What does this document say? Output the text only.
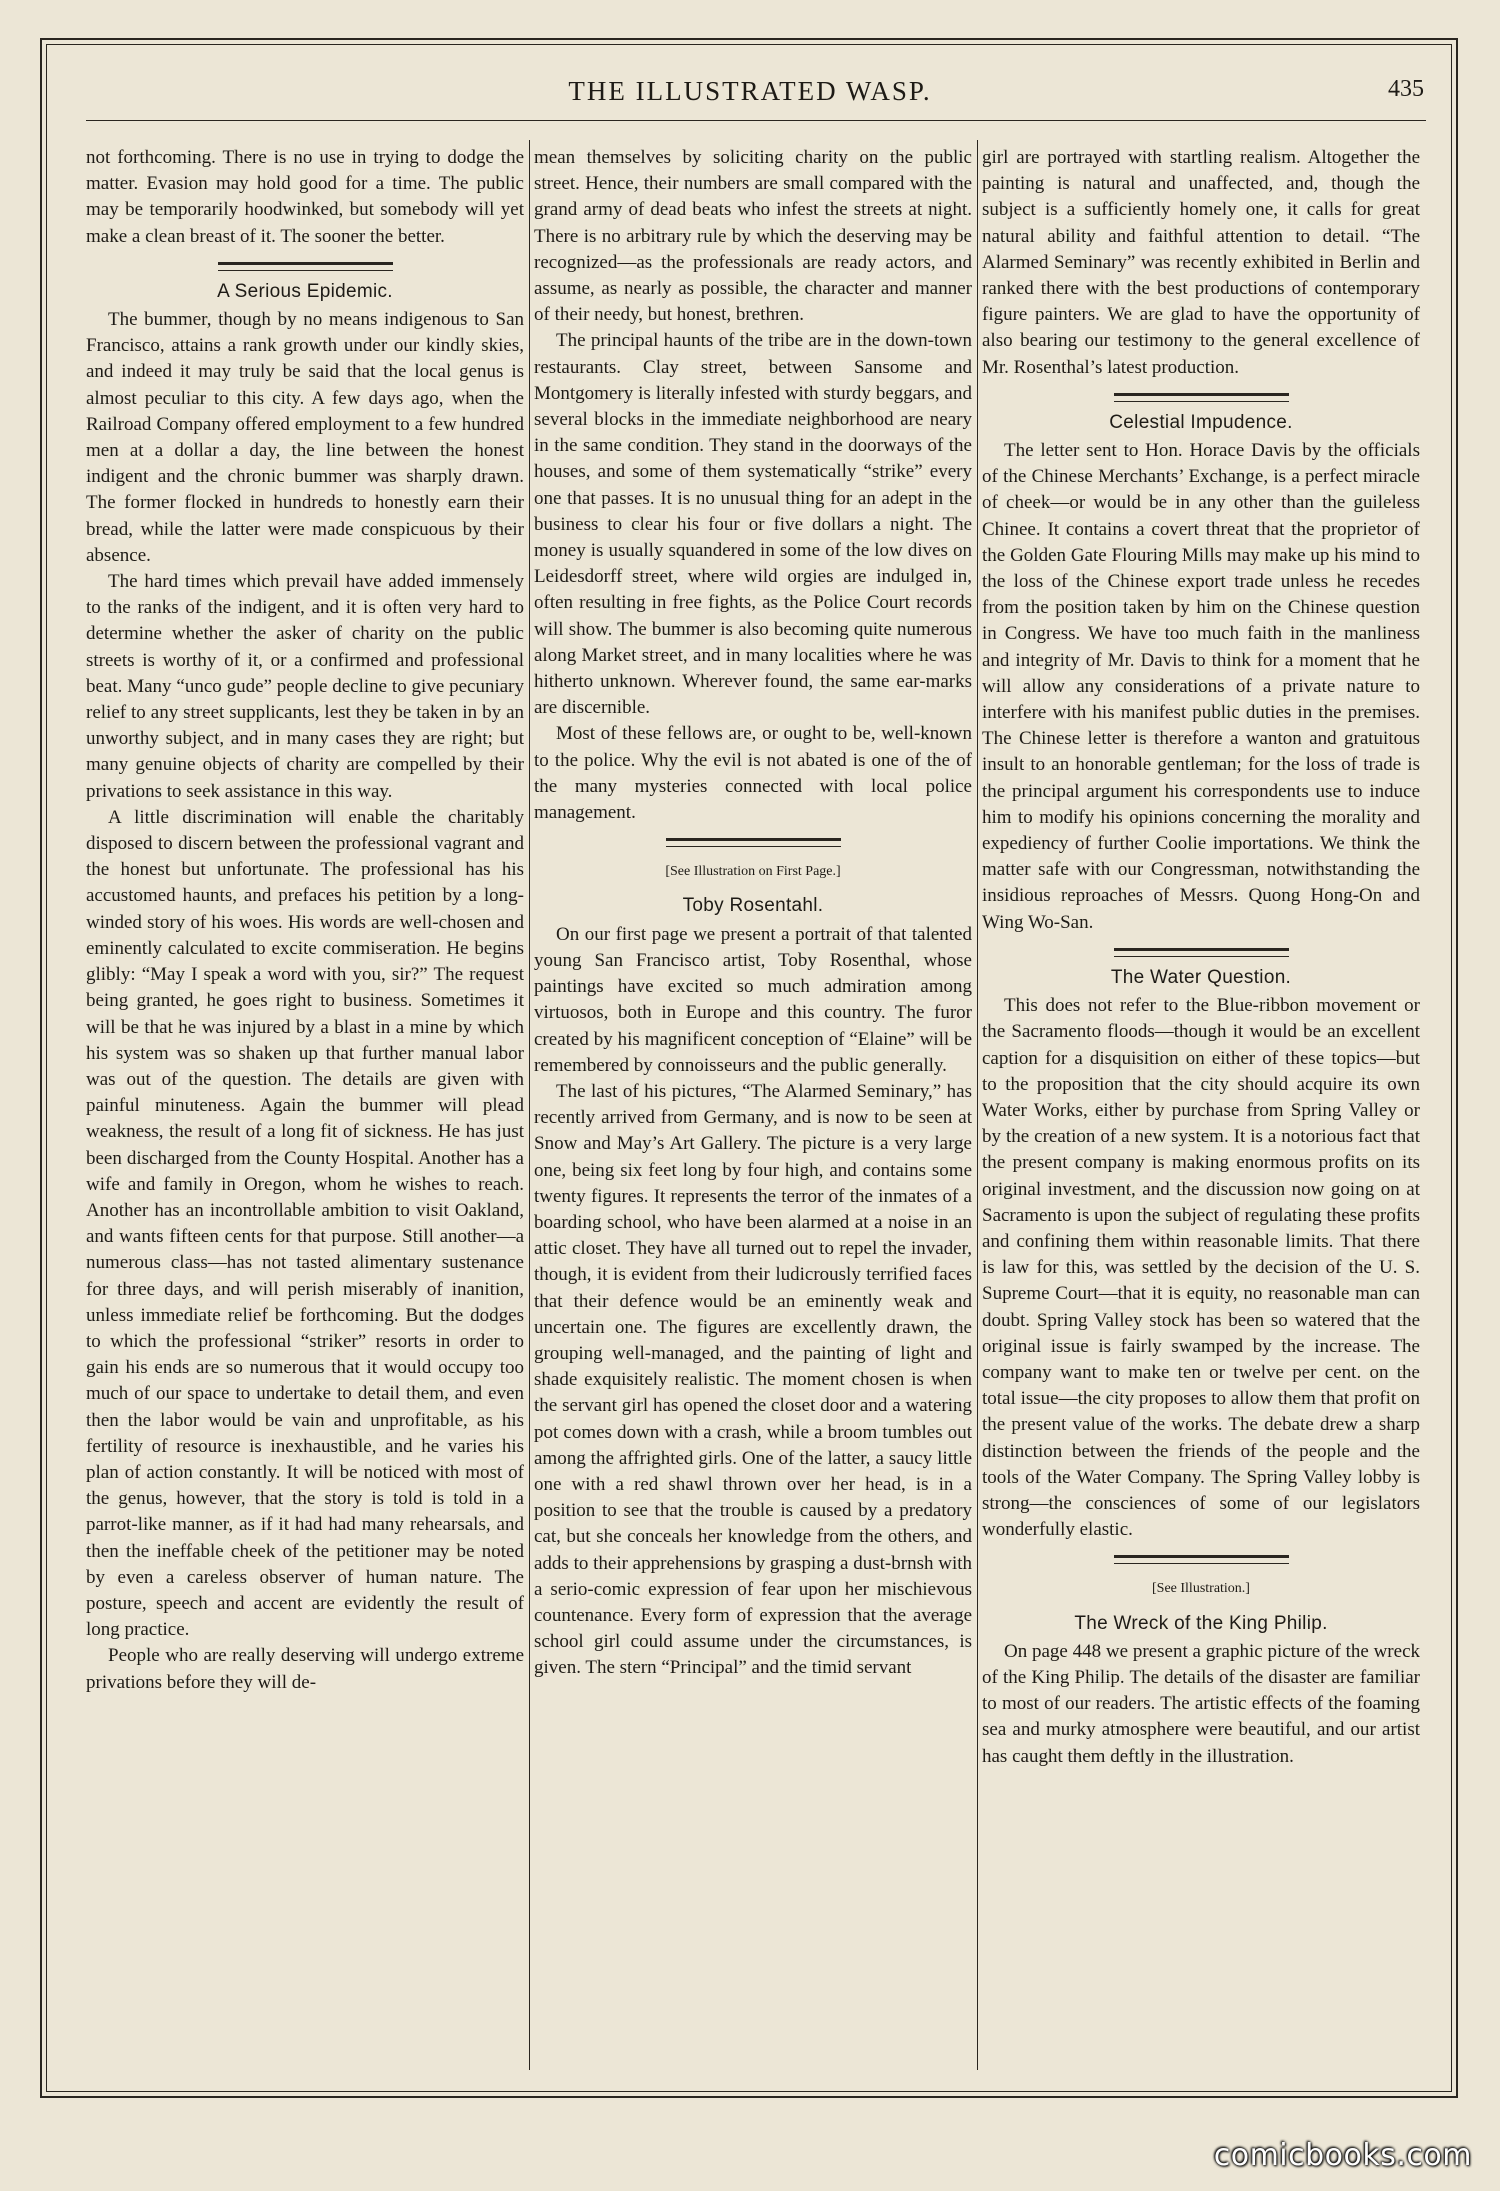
THE ILLUSTRATED WASP.	435

not forthcoming. There is no use in trying to dodge the matter. Evasion may hold good for a time. The public may be temporarily hoodwinked, but somebody will yet make a clean breast of it. The sooner the better.

A Serious Epidemic.

The bummer, though by no means indigenous to San Francisco, attains a rank growth under our kindly skies, and indeed it may truly be said that the local genus is almost peculiar to this city. A few days ago, when the Railroad Company offered employment to a few hundred men at a dollar a day, the line between the honest indigent and the chronic bummer was sharply drawn. The former flocked in hundreds to honestly earn their bread, while the latter were made conspicuous by their absence.

The hard times which prevail have added immensely to the ranks of the indigent, and it is often very hard to determine whether the asker of charity on the public streets is worthy of it, or a confirmed and professional beat. Many “unco gude” people decline to give pecuniary relief to any street supplicants, lest they be taken in by an unworthy subject, and in many cases they are right; but many genuine objects of charity are compelled by their privations to seek assistance in this way.

A little discrimination will enable the charitably disposed to discern between the professional vagrant and the honest but unfortunate. The professional has his accustomed haunts, and prefaces his petition by a long-winded story of his woes. His words are well-chosen and eminently calculated to excite commiseration. He begins glibly: “May I speak a word with you, sir?” The request being granted, he goes right to business. Sometimes it will be that he was injured by a blast in a mine by which his system was so shaken up that further manual labor was out of the question. The details are given with painful minuteness. Again the bummer will plead weakness, the result of a long fit of sickness. He has just been discharged from the County Hospital. Another has a wife and family in Oregon, whom he wishes to reach. Another has an incontrollable ambition to visit Oakland, and wants fifteen cents for that purpose. Still another—a numerous class—has not tasted alimentary sustenance for three days, and will perish miserably of inanition, unless immediate relief be forthcoming. But the dodges to which the professional “striker” resorts in order to gain his ends are so numerous that it would occupy too much of our space to undertake to detail them, and even then the labor would be vain and unprofitable, as his fertility of resource is inexhaustible, and he varies his plan of action constantly. It will be noticed with most of the genus, however, that the story is told is told in a parrot-like manner, as if it had had many rehearsals, and then the ineffable cheek of the petitioner may be noted by even a careless observer of human nature. The posture, speech and accent are evidently the result of long practice.

People who are really deserving will undergo extreme privations before they will de-

mean themselves by soliciting charity on the public street. Hence, their numbers are small compared with the grand army of dead beats who infest the streets at night. There is no arbitrary rule by which the deserving may be recognized—as the professionals are ready actors, and assume, as nearly as possible, the character and manner of their needy, but honest, brethren.

The principal haunts of the tribe are in the down-town restaurants. Clay street, between Sansome and Montgomery is literally infested with sturdy beggars, and several blocks in the immediate neighborhood are neary in the same condition. They stand in the doorways of the houses, and some of them systematically “strike” every one that passes. It is no unusual thing for an adept in the business to clear his four or five dollars a night. The money is usually squandered in some of the low dives on Leidesdorff street, where wild orgies are indulged in, often resulting in free fights, as the Police Court records will show. The bummer is also becoming quite numerous along Market street, and in many localities where he was hitherto unknown. Wherever found, the same ear-marks are discernible.

Most of these fellows are, or ought to be, well-known to the police. Why the evil is not abated is one of the of the many mysteries connected with local police management.

[See Illustration on First Page.]
Toby Rosentahl.

On our first page we present a portrait of that talented young San Francisco artist, Toby Rosenthal, whose paintings have excited so much admiration among virtuosos, both in Europe and this country. The furor created by his magnificent conception of “Elaine” will be remembered by connoisseurs and the public generally.

The last of his pictures, “The Alarmed Seminary,” has recently arrived from Germany, and is now to be seen at Snow and May’s Art Gallery. The picture is a very large one, being six feet long by four high, and contains some twenty figures. It represents the terror of the inmates of a boarding school, who have been alarmed at a noise in an attic closet. They have all turned out to repel the invader, though, it is evident from their ludicrously terrified faces that their defence would be an eminently weak and uncertain one. The figures are excellently drawn, the grouping well-managed, and the painting of light and shade exquisitely realistic. The moment chosen is when the servant girl has opened the closet door and a watering pot comes down with a crash, while a broom tumbles out among the affrighted girls. One of the latter, a saucy little one with a red shawl thrown over her head, is in a position to see that the trouble is caused by a predatory cat, but she conceals her knowledge from the others, and adds to their apprehensions by grasping a dust-brnsh with a serio-comic expression of fear upon her mischievous countenance. Every form of expression that the average school girl could assume under the circumstances, is given. The stern “Principal” and the timid servant

girl are portrayed with startling realism. Altogether the painting is natural and unaffected, and, though the subject is a sufficiently homely one, it calls for great natural ability and faithful attention to detail. “The Alarmed Seminary” was recently exhibited in Berlin and ranked there with the best productions of contemporary figure painters. We are glad to have the opportunity of also bearing our testimony to the general excellence of Mr. Rosenthal’s latest production.

Celestial Impudence.

The letter sent to Hon. Horace Davis by the officials of the Chinese Merchants’ Exchange, is a perfect miracle of cheek—or would be in any other than the guileless Chinee. It contains a covert threat that the proprietor of the Golden Gate Flouring Mills may make up his mind to the loss of the Chinese export trade unless he recedes from the position taken by him on the Chinese question in Congress. We have too much faith in the manliness and integrity of Mr. Davis to think for a moment that he will allow any considerations of a private nature to interfere with his manifest public duties in the premises. The Chinese letter is therefore a wanton and gratuitous insult to an honorable gentleman; for the loss of trade is the principal argument his correspondents use to induce him to modify his opinions concerning the morality and expediency of further Coolie importations. We think the matter safe with our Congressman, notwithstanding the insidious reproaches of Messrs. Quong Hong-On and Wing Wo-San.

The Water Question.

This does not refer to the Blue-ribbon movement or the Sacramento floods—though it would be an excellent caption for a disquisition on either of these topics—but to the proposition that the city should acquire its own Water Works, either by purchase from Spring Valley or by the creation of a new system. It is a notorious fact that the present company is making enormous profits on its original investment, and the discussion now going on at Sacramento is upon the subject of regulating these profits and confining them within reasonable limits. That there is law for this, was settled by the decision of the U. S. Supreme Court—that it is equity, no reasonable man can doubt. Spring Valley stock has been so watered that the original issue is fairly swamped by the increase. The company want to make ten or twelve per cent. on the total issue—the city proposes to allow them that profit on the present value of the works. The debate drew a sharp distinction between the friends of the people and the tools of the Water Company. The Spring Valley lobby is strong—the consciences of some of our legislators wonderfully elastic.

[See Illustration.]
The Wreck of the King Philip.

On page 448 we present a graphic picture of the wreck of the King Philip. The details of the disaster are familiar to most of our readers. The artistic effects of the foaming sea and murky atmosphere were beautiful, and our artist has caught them deftly in the illustration.

comicbooks.com
